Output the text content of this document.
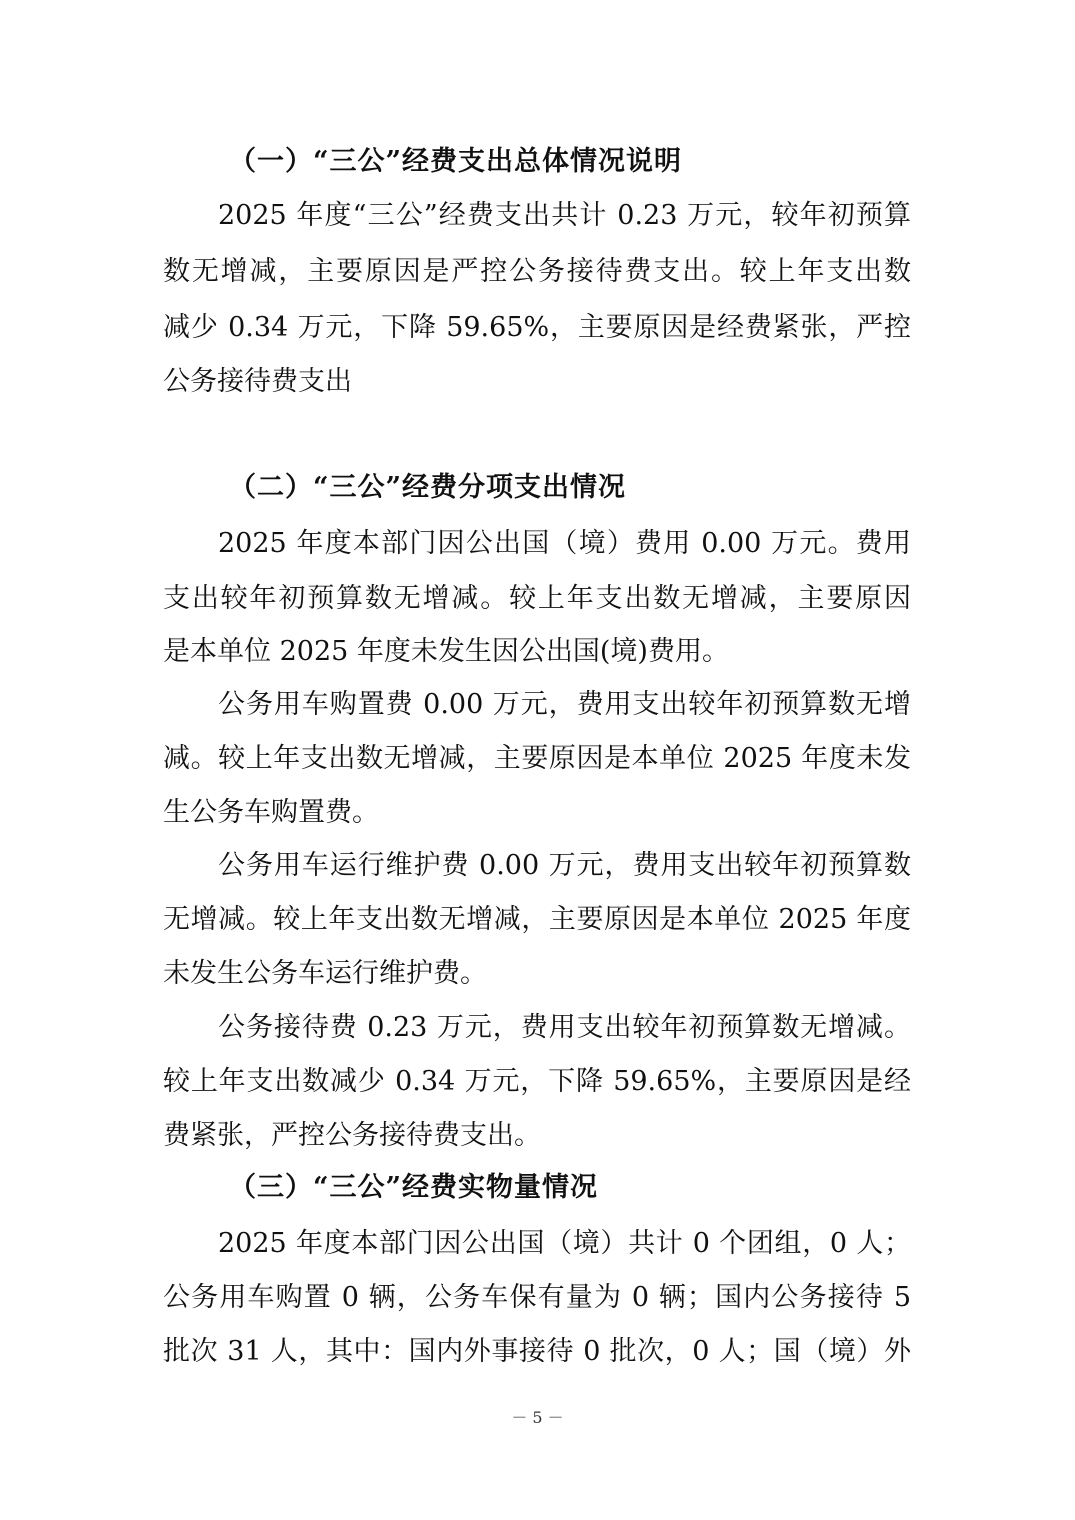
（一）“三公”经费支出总体情况说明
2025 年度“三公”经费支出共计 0.23 万元，较年初预算
数无增减，主要原因是严控公务接待费支出。较上年支出数
减少 0.34 万元，下降 59.65%，主要原因是经费紧张，严控
公务接待费支出
（二）“三公”经费分项支出情况
2025 年度本部门因公出国（境）费用 0.00 万元。费用
支出较年初预算数无增减。较上年支出数无增减，主要原因
是本单位 2025 年度未发生因公出国(境)费用。
公务用车购置费 0.00 万元，费用支出较年初预算数无增
减。较上年支出数无增减，主要原因是本单位 2025 年度未发
生公务车购置费。
公务用车运行维护费 0.00 万元，费用支出较年初预算数
无增减。较上年支出数无增减，主要原因是本单位 2025 年度
未发生公务车运行维护费。
公务接待费 0.23 万元，费用支出较年初预算数无增减。
较上年支出数减少 0.34 万元，下降 59.65%，主要原因是经
费紧张，严控公务接待费支出。
（三）“三公”经费实物量情况
2025 年度本部门因公出国（境）共计 0 个团组，0 人；
公务用车购置 0 辆，公务车保有量为 0 辆；国内公务接待 5
批次 31 人，其中：国内外事接待 0 批次，0 人；国（境）外
－ 5 －
